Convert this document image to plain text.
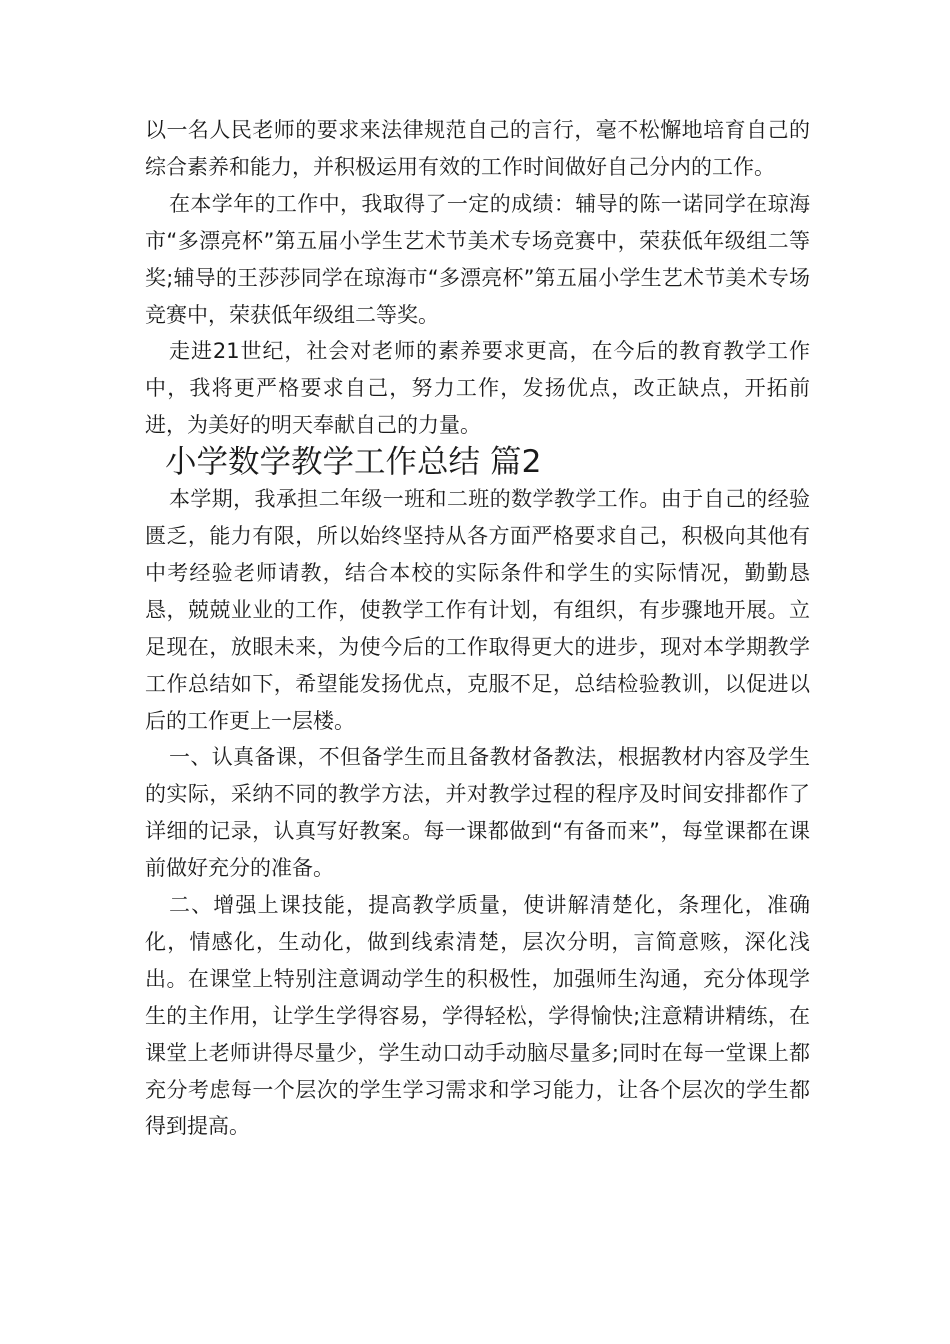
以一名人民老师的要求来法律规范自己的言行，毫不松懈地培育自己的综合素养和能力，并积极运用有效的工作时间做好自己分内的工作。

在本学年的工作中，我取得了一定的成绩：辅导的陈一诺同学在琼海市“多漂亮杯”第五届小学生艺术节美术专场竞赛中，荣获低年级组二等奖;辅导的王莎莎同学在琼海市“多漂亮杯”第五届小学生艺术节美术专场竞赛中，荣获低年级组二等奖。

走进21世纪，社会对老师的素养要求更高，在今后的教育教学工作中，我将更严格要求自己，努力工作，发扬优点，改正缺点，开拓前进，为美好的明天奉献自己的力量。

小学数学教学工作总结 篇2

本学期，我承担二年级一班和二班的数学教学工作。由于自己的经验匮乏，能力有限，所以始终坚持从各方面严格要求自己，积极向其他有中考经验老师请教，结合本校的实际条件和学生的实际情况，勤勤恳恳，兢兢业业的工作，使教学工作有计划，有组织，有步骤地开展。立足现在，放眼未来，为使今后的工作取得更大的进步，现对本学期教学工作总结如下，希望能发扬优点，克服不足，总结检验教训，以促进以后的工作更上一层楼。

一、认真备课，不但备学生而且备教材备教法，根据教材内容及学生的实际，采纳不同的教学方法，并对教学过程的程序及时间安排都作了详细的记录，认真写好教案。每一课都做到“有备而来”，每堂课都在课前做好充分的准备。

二、增强上课技能，提高教学质量，使讲解清楚化，条理化，准确化，情感化，生动化，做到线索清楚，层次分明，言简意赅，深化浅出。在课堂上特别注意调动学生的积极性，加强师生沟通，充分体现学生的主作用，让学生学得容易，学得轻松，学得愉快;注意精讲精练，在课堂上老师讲得尽量少，学生动口动手动脑尽量多;同时在每一堂课上都充分考虑每一个层次的学生学习需求和学习能力，让各个层次的学生都得到提高。
